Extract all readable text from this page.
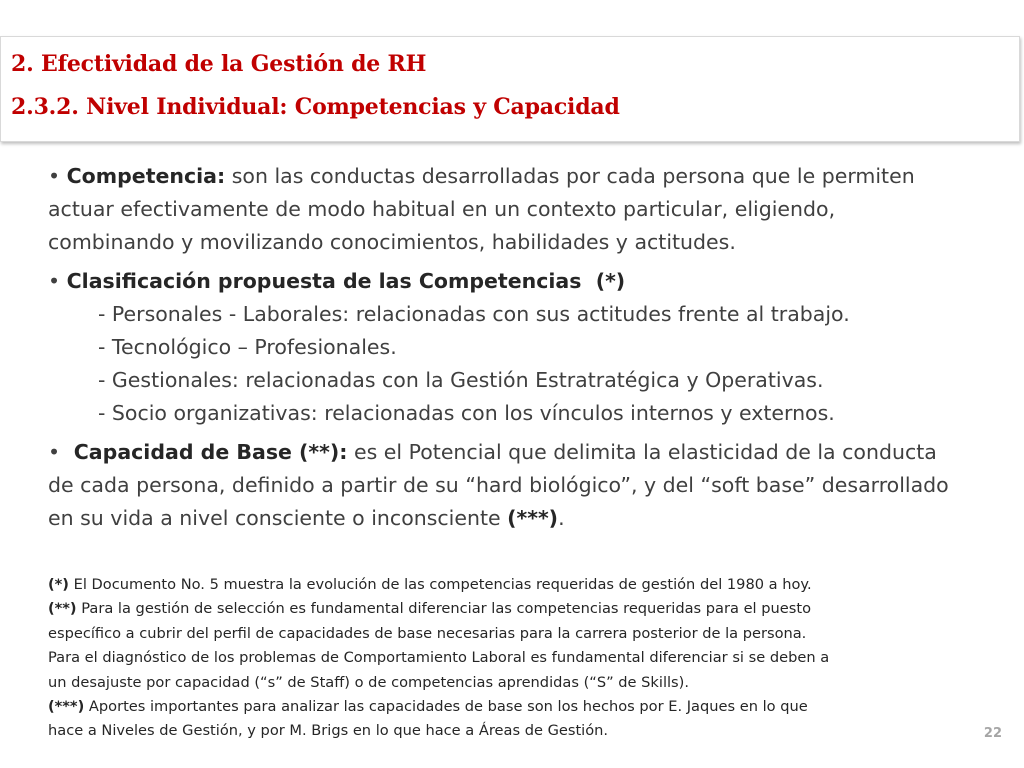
2. Efectividad de la Gestión de RH
2.3.2. Nivel Individual: Competencias y Capacidad

• Competencia: son las conductas desarrolladas por cada persona que le permiten actuar efectivamente de modo habitual en un contexto particular, eligiendo, combinando y movilizando conocimientos, habilidades y actitudes.

• Clasificación propuesta de las Competencias  (*)
- Personales - Laborales: relacionadas con sus actitudes frente al trabajo.
- Tecnológico – Profesionales.
- Gestionales: relacionadas con la Gestión Estratratégica y Operativas.
- Socio organizativas: relacionadas con los vínculos internos y externos.

•  Capacidad de Base (**): es el Potencial que delimita la elasticidad de la conducta de cada persona, definido a partir de su “hard biológico”, y del “soft base” desarrollado en su vida a nivel consciente o inconsciente (***).

(*) El Documento No. 5 muestra la evolución de las competencias requeridas de gestión del 1980 a hoy.

(**) Para la gestión de selección es fundamental diferenciar las competencias requeridas para el puesto

específico a cubrir del perfil de capacidades de base necesarias para la carrera posterior de la persona.

Para el diagnóstico de los problemas de Comportamiento Laboral es fundamental diferenciar si se deben a

un desajuste por capacidad (“s” de Staff) o de competencias aprendidas (“S” de Skills).

(***) Aportes importantes para analizar las capacidades de base son los hechos por E. Jaques en lo que

hace a Niveles de Gestión, y por M. Brigs en lo que hace a Áreas de Gestión.	22
